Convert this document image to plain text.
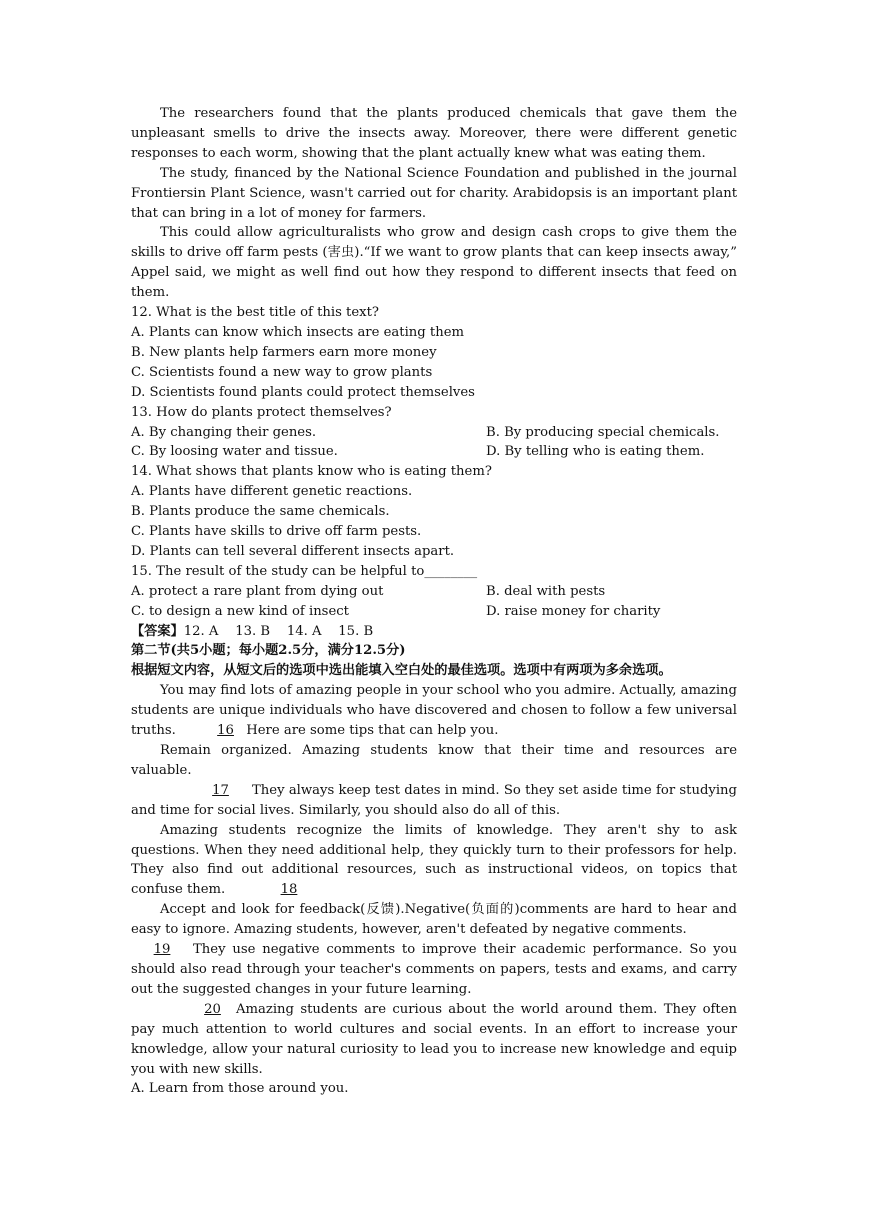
The researchers found that the plants produced chemicals that gave them the unpleasant smells to drive the insects away. Moreover, there were different genetic responses to each worm, showing that the plant actually knew what was eating them.

The study, financed by the National Science Foundation and published in the journal Frontiersin Plant Science, wasn't carried out for charity. Arabidopsis is an important plant that can bring in a lot of money for farmers.

This could allow agriculturalists who grow and design cash crops to give them the skills to drive off farm pests (害虫).“If we want to grow plants that can keep insects away,” Appel said, we might as well find out how they respond to different insects that feed on them.

12. What is the best title of this text?

A. Plants can know which insects are eating them

B. New plants help farmers earn more money

C. Scientists found a new way to grow plants

D. Scientists found plants could protect themselves

13. How do plants protect themselves?

A. By changing their genes.	B. By producing special chemicals.
C. By loosing water and tissue.	D. By telling who is eating them.

14. What shows that plants know who is eating them?

A. Plants have different genetic reactions.

B. Plants produce the same chemicals.

C. Plants have skills to drive off farm pests.

D. Plants can tell several different insects apart.

15. The result of the study can be helpful to________

A. protect a rare plant from dying out	B. deal with pests
C. to design a new kind of insect	D. raise money for charity

【答案】12. A    13. B    14. A    15. B

第二节(共5小题；每小题2.5分，满分12.5分)

根据短文内容，从短文后的选项中选出能填入空白处的最佳选项。选项中有两项为多余选项。

You may find lots of amazing people in your school who you admire. Actually, amazing students are unique individuals who have discovered and chosen to follow a few universal truths.	16 Here are some tips that can help you.

Remain organized. Amazing students know that their time and resources are valuable.

17 They always keep test dates in mind. So they set aside time for studying and time for social lives. Similarly, you should also do all of this.

Amazing students recognize the limits of knowledge. They aren't shy to ask questions. When they need additional help, they quickly turn to their professors for help. They also find out additional resources, such as instructional videos, on topics that confuse them.	18

Accept and look for feedback(反馈).Negative(负面的)comments are hard to hear and easy to ignore. Amazing students, however, aren't defeated by negative comments.

19 They use negative comments to improve their academic performance. So you should also read through your teacher's comments on papers, tests and exams, and carry out the suggested changes in your future learning.

20 Amazing students are curious about the world around them. They often pay much attention to world cultures and social events. In an effort to increase your knowledge, allow your natural curiosity to lead you to increase new knowledge and equip you with new skills.

A. Learn from those around you.
